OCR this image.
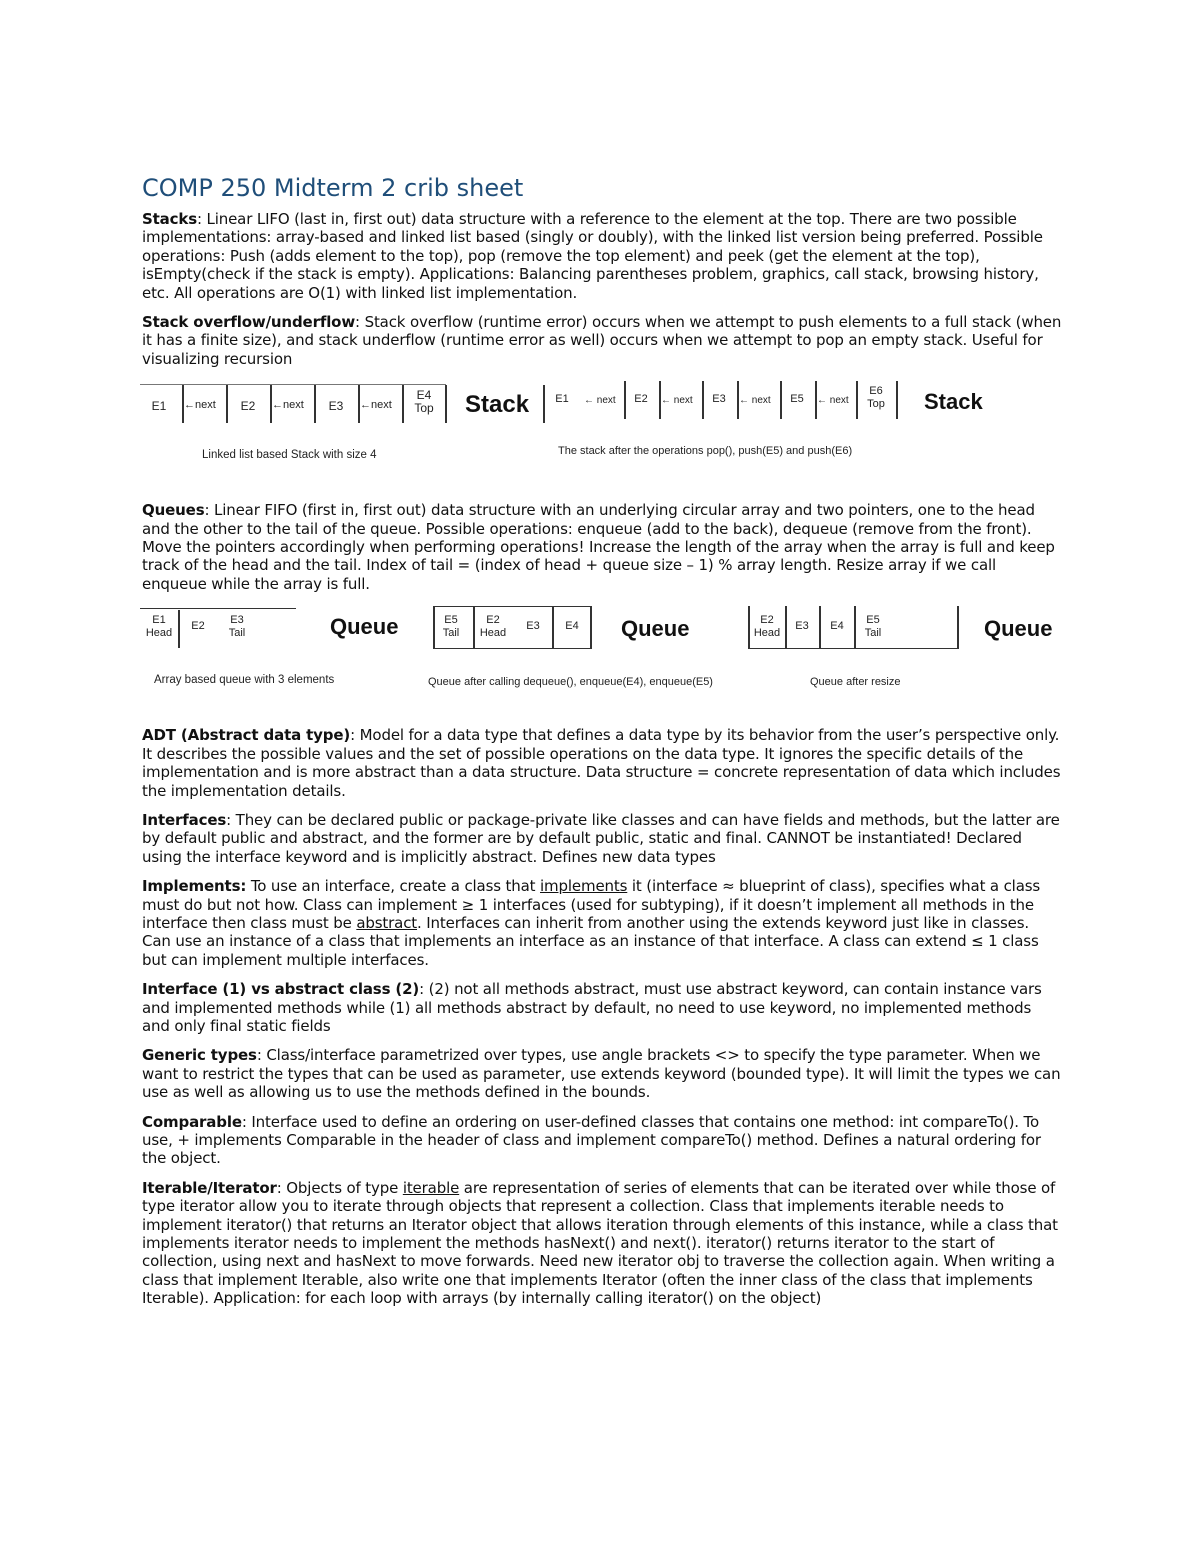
COMP 250 Midterm 2 crib sheet

Stacks: Linear LIFO (last in, first out) data structure with a reference to the element at the top. There are two possible implementations: array-based and linked list based (singly or doubly), with the linked list version being preferred. Possible operations: Push (adds element to the top), pop (remove the top element) and peek (get the element at the top), isEmpty(check if the stack is empty). Applications: Balancing parentheses problem, graphics, call stack, browsing history, etc. All operations are O(1) with linked list implementation.

Stack overflow/underflow: Stack overflow (runtime error) occurs when we attempt to push elements to a full stack (when it has a finite size), and stack underflow (runtime error as well) occurs when we attempt to pop an empty stack. Useful for visualizing recursion

E1	←next	E2	←next	E3	←next
E4
Top	Stack
Linked list based Stack with size 4
E1	← next	E2	← next	E3	← next	E5	← next
E6
Top	Stack
The stack after the operations pop(), push(E5) and push(E6)

Queues: Linear FIFO (first in, first out) data structure with an underlying circular array and two pointers, one to the head and the other to the tail of the queue. Possible operations: enqueue (add to the back), dequeue (remove from the front). Move the pointers accordingly when performing operations! Increase the length of the array when the array is full and keep track of the head and the tail. Index of tail = (index of head + queue size – 1) % array length. Resize array if we call enqueue while the array is full.

E1
Head
E2	E3
Tail	Queue
Array based queue with 3 elements
E5
Tail
E2
Head
E3	E4	Queue
Queue after calling dequeue(), enqueue(E4), enqueue(E5)
E2
Head
E3	E4	E5
Tail	Queue
Queue after resize

ADT (Abstract data type): Model for a data type that defines a data type by its behavior from the user’s perspective only. It describes the possible values and the set of possible operations on the data type. It ignores the specific details of the implementation and is more abstract than a data structure. Data structure = concrete representation of data which includes the implementation details.

Interfaces: They can be declared public or package-private like classes and can have fields and methods, but the latter are by default public and abstract, and the former are by default public, static and final. CANNOT be instantiated! Declared using the interface keyword and is implicitly abstract. Defines new data types

Implements: To use an interface, create a class that implements it (interface ≈ blueprint of class), specifies what a class must do but not how. Class can implement ≥ 1 interfaces (used for subtyping), if it doesn’t implement all methods in the interface then class must be abstract. Interfaces can inherit from another using the extends keyword just like in classes. Can use an instance of a class that implements an interface as an instance of that interface. A class can extend ≤ 1 class but can implement multiple interfaces.

Interface (1) vs abstract class (2): (2) not all methods abstract, must use abstract keyword, can contain instance vars and implemented methods while (1) all methods abstract by default, no need to use keyword, no implemented methods and only final static fields

Generic types: Class/interface parametrized over types, use angle brackets <> to specify the type parameter. When we want to restrict the types that can be used as parameter, use extends keyword (bounded type). It will limit the types we can use as well as allowing us to use the methods defined in the bounds.

Comparable: Interface used to define an ordering on user-defined classes that contains one method: int compareTo(). To use, + implements Comparable in the header of class and implement compareTo() method. Defines a natural ordering for the object.

Iterable/Iterator: Objects of type iterable are representation of series of elements that can be iterated over while those of type iterator allow you to iterate through objects that represent a collection. Class that implements iterable needs to implement iterator() that returns an Iterator object that allows iteration through elements of this instance, while a class that implements iterator needs to implement the methods hasNext() and next(). iterator() returns iterator to the start of collection, using next and hasNext to move forwards. Need new iterator obj to traverse the collection again. When writing a class that implement Iterable, also write one that implements Iterator (often the inner class of the class that implements Iterable). Application: for each loop with arrays (by internally calling iterator() on the object)
